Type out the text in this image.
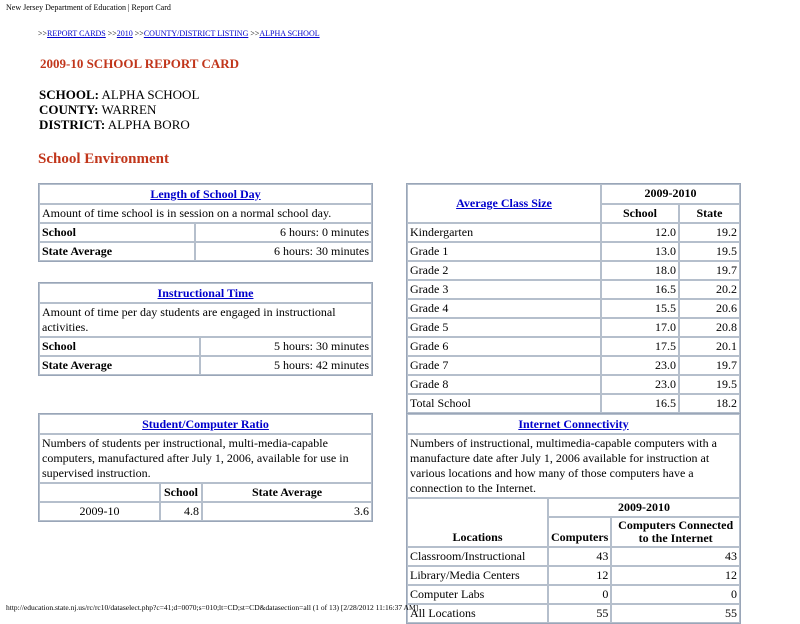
New Jersey Department of Education | Report Card
>>REPORT CARDS >>2010 >>COUNTY/DISTRICT LISTING >>ALPHA SCHOOL
2009-10 SCHOOL REPORT CARD
SCHOOL: ALPHA SCHOOL
COUNTY: WARREN
DISTRICT: ALPHA BORO
School Environment
Length of School Day	
Amount of time school is in session on a normal school day.	
School	6 hours: 0 minutes
State Average	6 hours: 30 minutes
Instructional Time	
Amount of time per day students are engaged in instructional activities.	
School	5 hours: 30 minutes
State Average	5 hours: 42 minutes
Student/Computer Ratio		
Numbers of students per instructional, multi-media-capable computers, manufactured after July 1, 2006, available for use in supervised instruction.		
	School	State Average
2009-10	4.8	3.6
Average Class Size	2009-2010	
	School	State
Kindergarten	12.0	19.2
Grade 1	13.0	19.5
Grade 2	18.0	19.7
Grade 3	16.5	20.2
Grade 4	15.5	20.6
Grade 5	17.0	20.8
Grade 6	17.5	20.1
Grade 7	23.0	19.7
Grade 8	23.0	19.5
Total School	16.5	18.2
Internet Connectivity		
Numbers of instructional, multimedia-capable computers with a manufacture date after July 1, 2006 available for instruction at various locations and how many of those computers have a connection to the Internet.		
Locations	2009-2010	
	Computers	Computers Connected to the Internet
Classroom/Instructional	43	43
Library/Media Centers	12	12
Computer Labs	0	0
All Locations	55	55
http://education.state.nj.us/rc/rc10/dataselect.php?c=41;d=0070;s=010;lt=CD;st=CD&datasection=all (1 of 13) [2/28/2012 11:16:37 AM]
